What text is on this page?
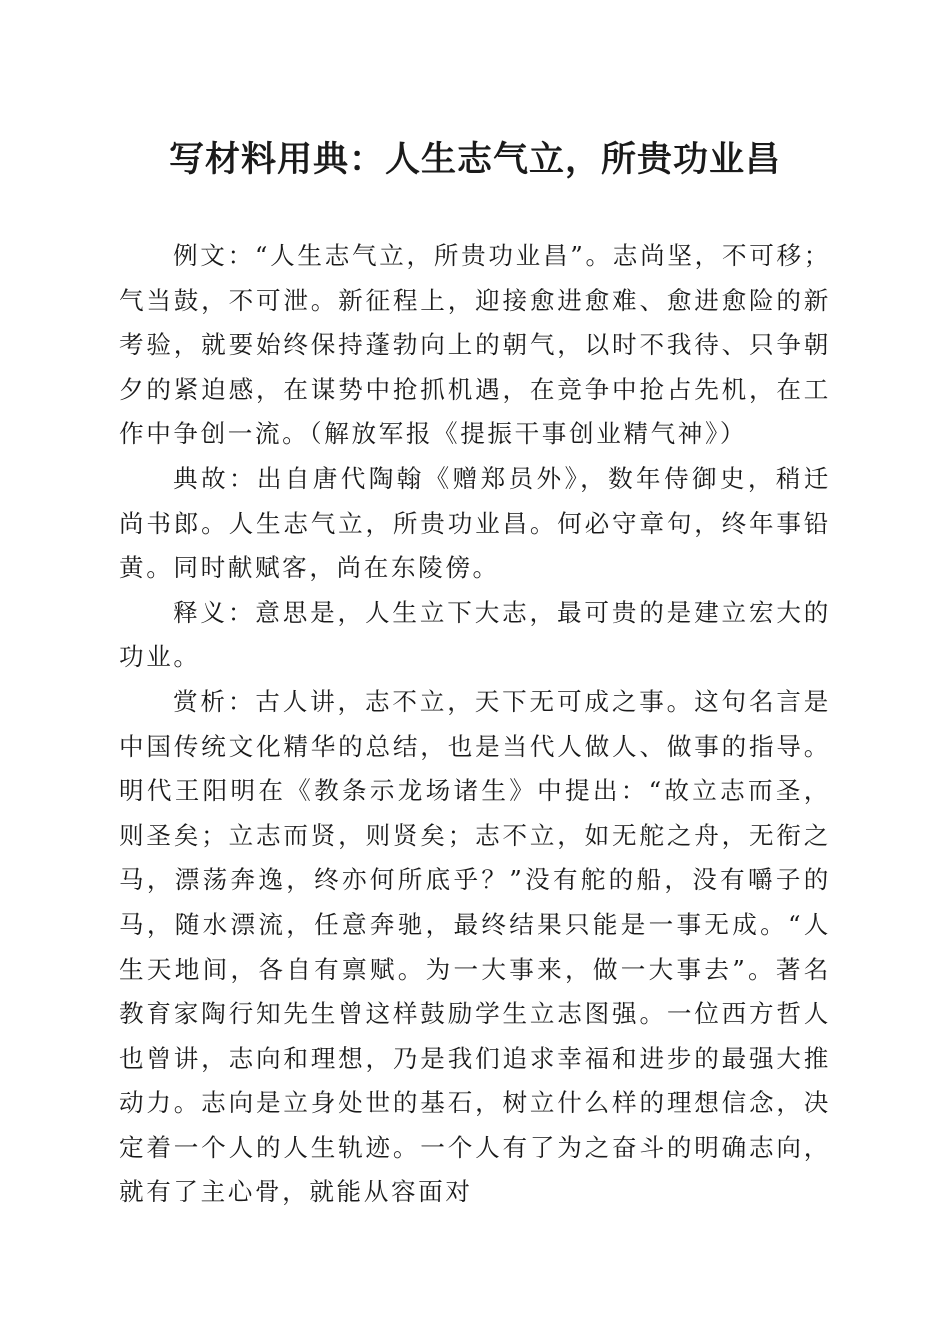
写材料用典：人生志气立，所贵功业昌

例文：“人生志气立，所贵功业昌”。志尚坚，不可移；气当鼓，不可泄。新征程上，迎接愈进愈难、愈进愈险的新考验，就要始终保持蓬勃向上的朝气，以时不我待、只争朝夕的紧迫感，在谋势中抢抓机遇，在竞争中抢占先机，在工作中争创一流。（解放军报《提振干事创业精气神》）

典故：出自唐代陶翰《赠郑员外》，数年侍御史，稍迁尚书郎。人生志气立，所贵功业昌。何必守章句，终年事铅黄。同时献赋客，尚在东陵傍。

释义：意思是，人生立下大志，最可贵的是建立宏大的功业。

赏析：古人讲，志不立，天下无可成之事。这句名言是中国传统文化精华的总结，也是当代人做人、做事的指导。明代王阳明在《教条示龙场诸生》中提出：“故立志而圣，则圣矣；立志而贤，则贤矣；志不立，如无舵之舟，无衔之马，漂荡奔逸，终亦何所底乎？”没有舵的船，没有嚼子的马，随水漂流，任意奔驰，最终结果只能是一事无成。“人生天地间，各自有禀赋。为一大事来，做一大事去”。著名教育家陶行知先生曾这样鼓励学生立志图强。一位西方哲人也曾讲，志向和理想，乃是我们追求幸福和进步的最强大推动力。志向是立身处世的基石，树立什么样的理想信念，决定着一个人的人生轨迹。一个人有了为之奋斗的明确志向，就有了主心骨，就能从容面对
